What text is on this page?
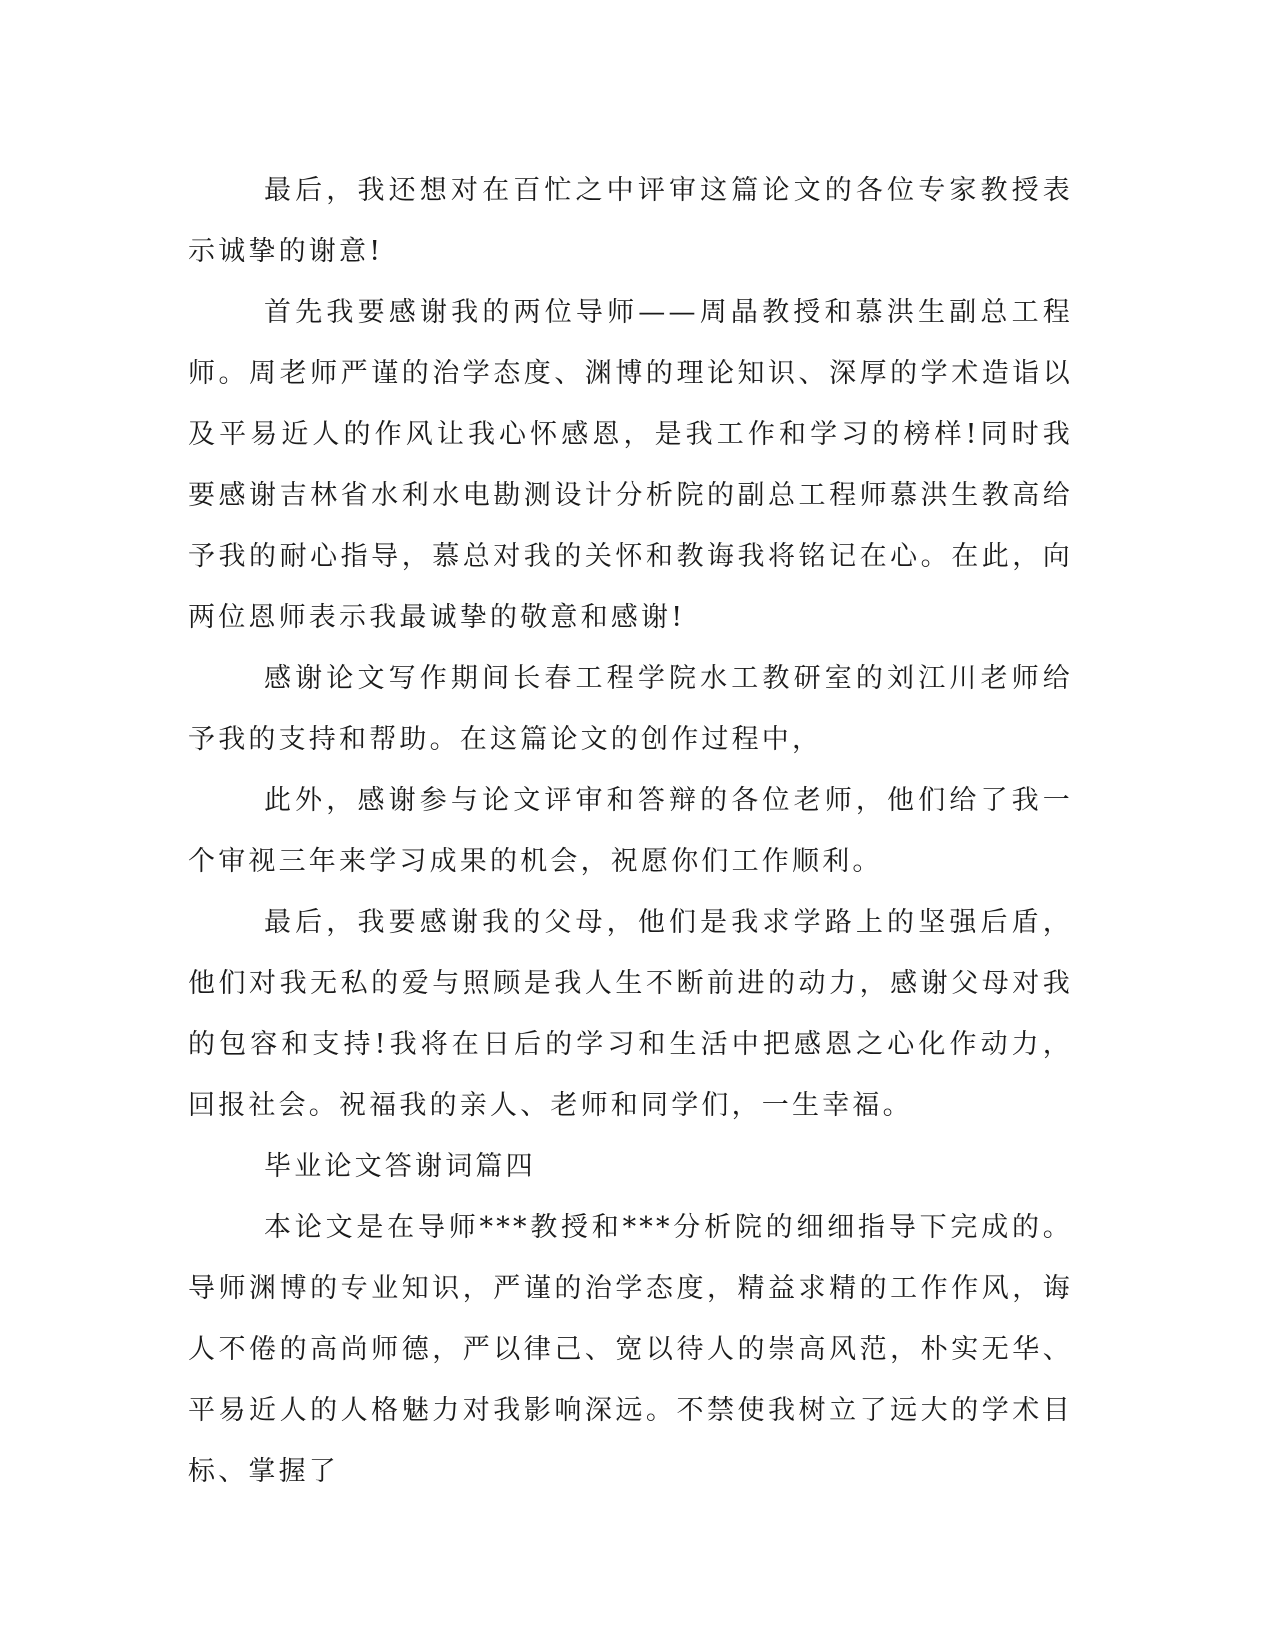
最后，我还想对在百忙之中评审这篇论文的各位专家教授表示诚挚的谢意!

首先我要感谢我的两位导师——周晶教授和慕洪生副总工程师。周老师严谨的治学态度、渊博的理论知识、深厚的学术造诣以及平易近人的作风让我心怀感恩，是我工作和学习的榜样!同时我要感谢吉林省水利水电勘测设计分析院的副总工程师慕洪生教高给予我的耐心指导，慕总对我的关怀和教诲我将铭记在心。在此，向两位恩师表示我最诚挚的敬意和感谢!

感谢论文写作期间长春工程学院水工教研室的刘江川老师给予我的支持和帮助。在这篇论文的创作过程中，

此外，感谢参与论文评审和答辩的各位老师，他们给了我一个审视三年来学习成果的机会，祝愿你们工作顺利。

最后，我要感谢我的父母，他们是我求学路上的坚强后盾，他们对我无私的爱与照顾是我人生不断前进的动力，感谢父母对我的包容和支持!我将在日后的学习和生活中把感恩之心化作动力，回报社会。祝福我的亲人、老师和同学们，一生幸福。

毕业论文答谢词篇四

本论文是在导师***教授和***分析院的细细指导下完成的。导师渊博的专业知识，严谨的治学态度，精益求精的工作作风，诲人不倦的高尚师德，严以律己、宽以待人的崇高风范，朴实无华、平易近人的人格魅力对我影响深远。不禁使我树立了远大的学术目标、掌握了
